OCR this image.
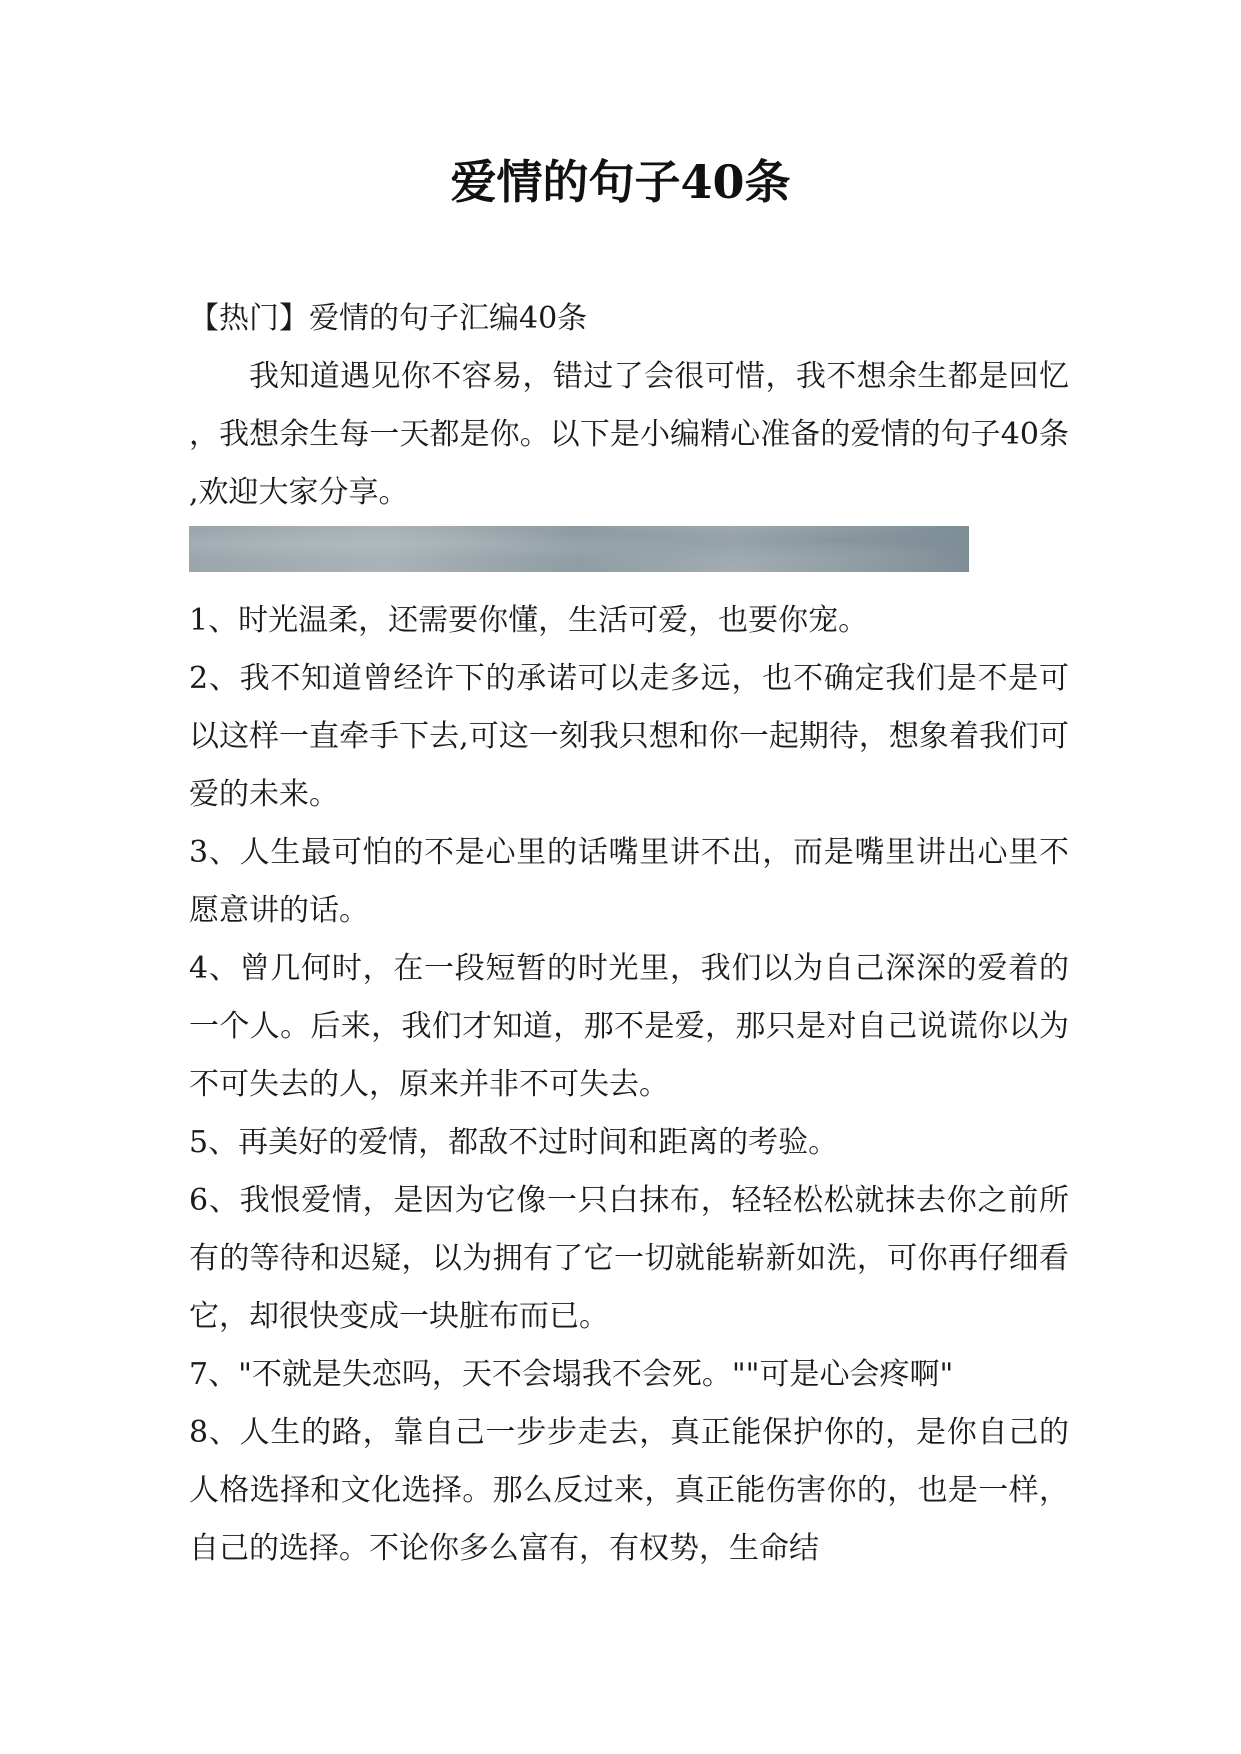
爱情的句子40条

【热门】爱情的句子汇编40条

我知道遇见你不容易，错过了会很可惜，我不想余生都是回忆，我想余生每一天都是你。以下是小编精心准备的爱情的句子40条,欢迎大家分享。

1、时光温柔，还需要你懂，生活可爱，也要你宠。

2、我不知道曾经许下的承诺可以走多远，也不确定我们是不是可以这样一直牵手下去,可这一刻我只想和你一起期待，想象着我们可爱的未来。

3、人生最可怕的不是心里的话嘴里讲不出，而是嘴里讲出心里不愿意讲的话。

4、曾几何时，在一段短暂的时光里，我们以为自己深深的爱着的一个人。后来，我们才知道，那不是爱，那只是对自己说谎你以为不可失去的人，原来并非不可失去。

5、再美好的爱情，都敌不过时间和距离的考验。

6、我恨爱情，是因为它像一只白抹布，轻轻松松就抹去你之前所有的等待和迟疑，以为拥有了它一切就能崭新如洗，可你再仔细看它，却很快变成一块脏布而已。

7、"不就是失恋吗，天不会塌我不会死。""可是心会疼啊"

8、人生的路，靠自己一步步走去，真正能保护你的，是你自己的人格选择和文化选择。那么反过来，真正能伤害你的，也是一样，自己的选择。不论你多么富有，有权势，生命结
